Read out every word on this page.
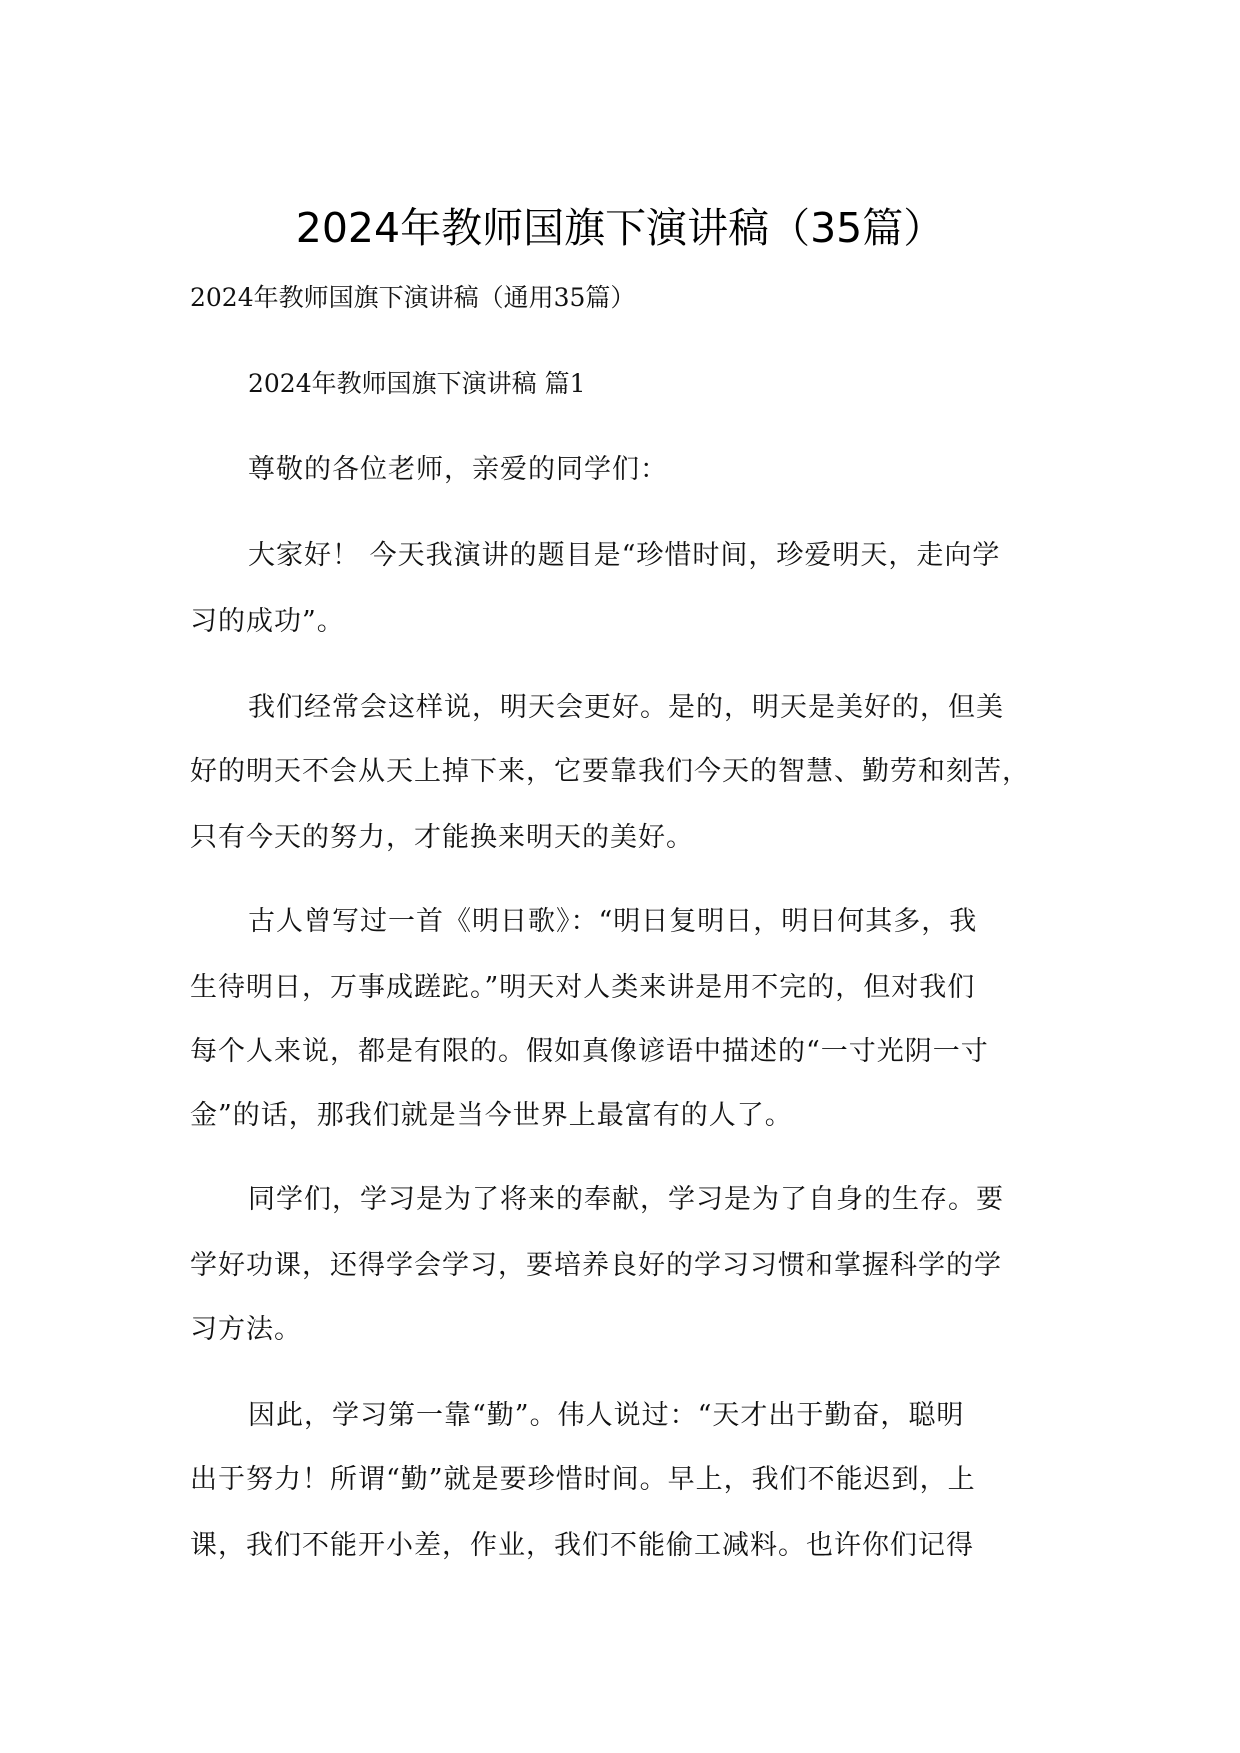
2024年教师国旗下演讲稿（35篇）
2024年教师国旗下演讲稿（通用35篇）
2024年教师国旗下演讲稿 篇1
尊敬的各位老师，亲爱的同学们：
大家好！ 今天我演讲的题目是“珍惜时间，珍爱明天，走向学
习的成功”。
我们经常会这样说，明天会更好。是的，明天是美好的，但美
好的明天不会从天上掉下来，它要靠我们今天的智慧、勤劳和刻苦，
只有今天的努力，才能换来明天的美好。
古人曾写过一首《明日歌》：“明日复明日，明日何其多，我
生待明日，万事成蹉跎。”明天对人类来讲是用不完的，但对我们
每个人来说，都是有限的。假如真像谚语中描述的“一寸光阴一寸
金”的话，那我们就是当今世界上最富有的人了。
同学们，学习是为了将来的奉献，学习是为了自身的生存。要
学好功课，还得学会学习，要培养良好的学习习惯和掌握科学的学
习方法。
因此，学习第一靠“勤”。伟人说过：“天才出于勤奋，聪明
出于努力！所谓“勤”就是要珍惜时间。早上，我们不能迟到，上
课，我们不能开小差，作业，我们不能偷工减料。也许你们记得
